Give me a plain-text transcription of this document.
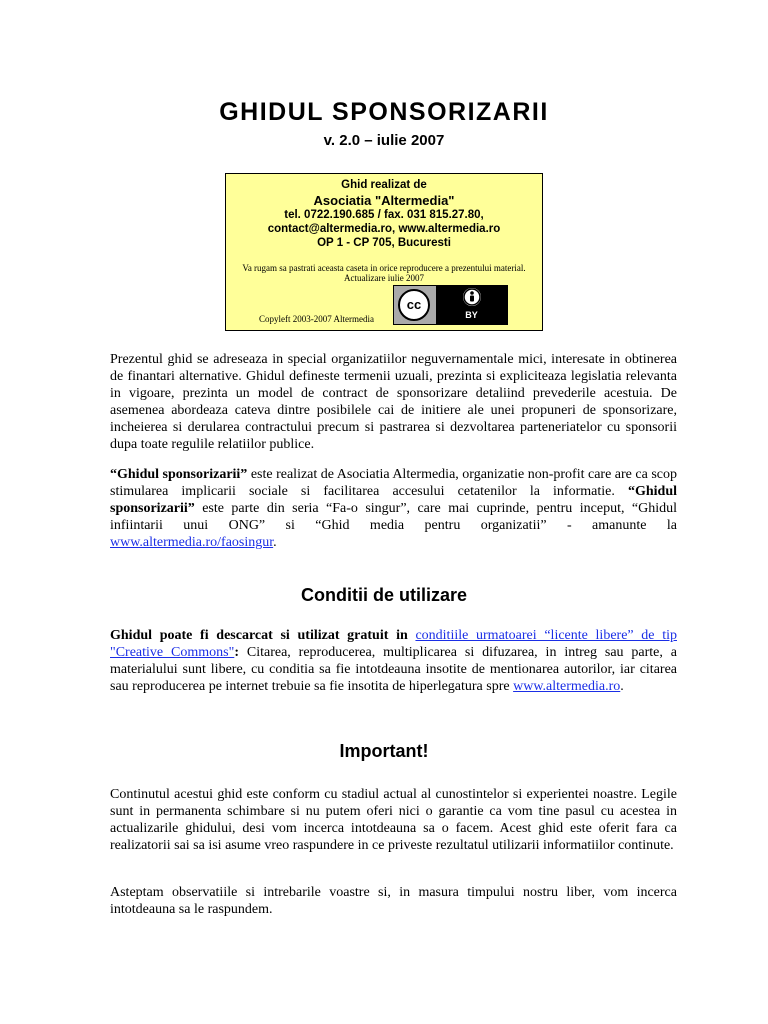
GHIDUL SPONSORIZARII
v. 2.0 – iulie 2007
Ghid realizat de
Asociatia "Altermedia"
tel. 0722.190.685 / fax. 031 815.27.80,
contact@altermedia.ro, www.altermedia.ro
OP 1 - CP 705, Bucuresti
Va rugam sa pastrati aceasta caseta in orice reproducere a prezentului material. Actualizare iulie 2007
Copyleft 2003-2007 Altermedia
cc
BY
Prezentul ghid se adreseaza in special organizatiilor neguvernamentale mici, interesate in obtinerea de finantari alternative. Ghidul defineste termenii uzuali, prezinta si expliciteaza legislatia relevanta in vigoare, prezinta un model de contract de sponsorizare detaliind prevederile acestuia. De asemenea abordeaza cateva dintre posibilele cai de initiere ale unei propuneri de sponsorizare, incheierea si derularea contractului precum si pastrarea si dezvoltarea parteneriatelor cu sponsorii dupa toate regulile relatiilor publice.
“Ghidul sponsorizarii” este realizat de Asociatia Altermedia, organizatie non-profit care are ca scop stimularea implicarii sociale si facilitarea accesului cetatenilor la informatie. “Ghidul sponsorizarii” este parte din seria “Fa-o singur”, care mai cuprinde, pentru inceput, “Ghidul infiintarii unui ONG” si “Ghid media pentru organizatii” - amanunte la www.altermedia.ro/faosingur.
Conditii de utilizare
Ghidul poate fi descarcat si utilizat gratuit in conditiile urmatoarei “licente libere” de tip "Creative Commons": Citarea, reproducerea, multiplicarea si difuzarea, in intreg sau parte, a materialului sunt libere, cu conditia sa fie intotdeauna insotite de mentionarea autorilor, iar citarea sau reproducerea pe internet trebuie sa fie insotita de hiperlegatura spre www.altermedia.ro.
Important!
Continutul acestui ghid este conform cu stadiul actual al cunostintelor si experientei noastre. Legile sunt in permanenta schimbare si nu putem oferi nici o garantie ca vom tine pasul cu acestea in actualizarile ghidului, desi vom incerca intotdeauna sa o facem. Acest ghid este oferit fara ca realizatorii sai sa isi asume vreo raspundere in ce priveste rezultatul utilizarii informatiilor continute.
Asteptam observatiile si intrebarile voastre si, in masura timpului nostru liber, vom incerca intotdeauna sa le raspundem.
